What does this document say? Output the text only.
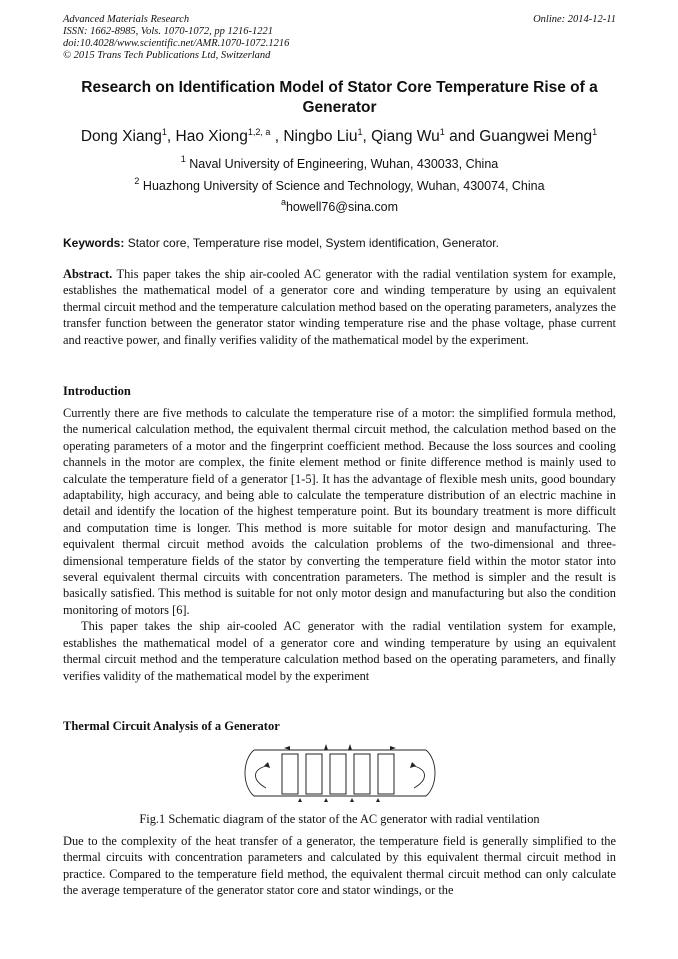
Advanced Materials Research
ISSN: 1662-8985, Vols. 1070-1072, pp 1216-1221
doi:10.4028/www.scientific.net/AMR.1070-1072.1216
© 2015 Trans Tech Publications Ltd, Switzerland
Online: 2014-12-11
Research on Identification Model of Stator Core Temperature Rise of a Generator
Dong Xiang$^1$, Hao Xiong$^{1,2, a}$ , Ningbo Liu$^1$, Qiang Wu$^1$ and Guangwei Meng$^1$
$^1$ Naval University of Engineering, Wuhan, 430033, China
$^2$ Huazhong University of Science and Technology, Wuhan, 430074, China
$^a$howell76@sina.com
Keywords: Stator core, Temperature rise model, System identification, Generator.
Abstract. This paper takes the ship air-cooled AC generator with the radial ventilation system for example, establishes the mathematical model of a generator core and winding temperature by using an equivalent thermal circuit method and the temperature calculation method based on the operating parameters, analyzes the transfer function between the generator stator winding temperature rise and the phase voltage, phase current and reactive power, and finally verifies validity of the mathematical model by the experiment.
Introduction

Currently there are five methods to calculate the temperature rise of a motor: the simplified formula method, the numerical calculation method, the equivalent thermal circuit method, the calculation method based on the operating parameters of a motor and the fingerprint coefficient method. Because the loss sources and cooling channels in the motor are complex, the finite element method or finite difference method is mainly used to calculate the temperature field of a generator [1-5]. It has the advantage of flexible mesh units, good boundary adaptability, high accuracy, and being able to calculate the temperature distribution of an electric machine in detail and identify the location of the highest temperature point. But its boundary treatment is more difficult and computation time is longer. This method is more suitable for motor design and manufacturing. The equivalent thermal circuit method avoids the calculation problems of the two-dimensional and three-dimensional temperature fields of the stator by converting the temperature field within the motor stator into several equivalent thermal circuits with concentration parameters. The method is simpler and the result is basically satisfied. This method is suitable for not only motor design and manufacturing but also the condition monitoring of motors [6].

This paper takes the ship air-cooled AC generator with the radial ventilation system for example, establishes the mathematical model of a generator core and winding temperature by using an equivalent thermal circuit method and the temperature calculation method based on the operating parameters, and finally verifies validity of the mathematical model by the experiment

Thermal Circuit Analysis of a Generator
Fig.1 Schematic diagram of the stator of the AC generator with radial ventilation

Due to the complexity of the heat transfer of a generator, the temperature field is generally simplified to the thermal circuits with concentration parameters and calculated by this equivalent thermal circuit method in practice. Compared to the temperature field method, the equivalent thermal circuit method can only calculate the average temperature of the generator stator core and stator windings, or the
